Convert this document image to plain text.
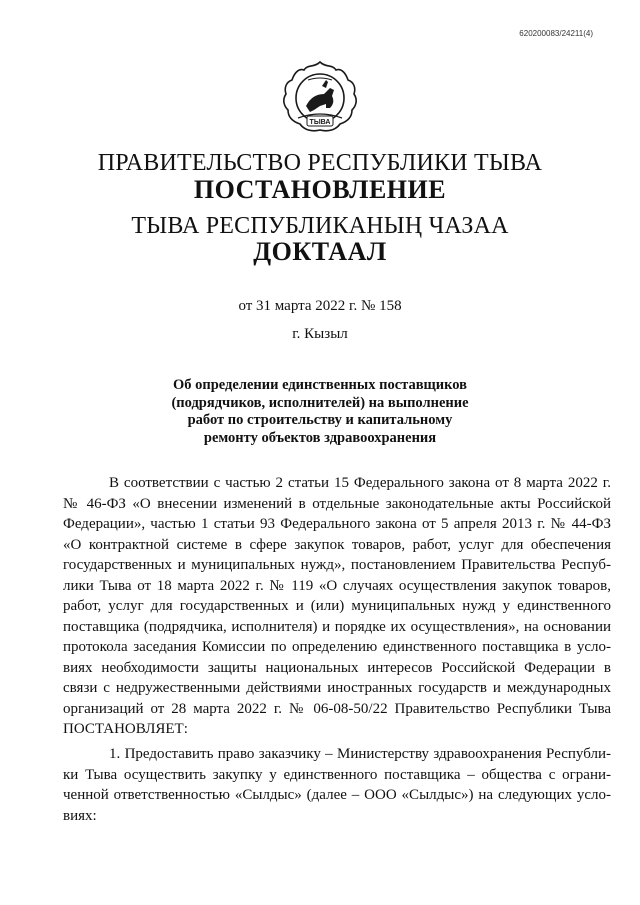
620200083/24211(4)
ТЫВА
ПРАВИТЕЛЬСТВО РЕСПУБЛИКИ ТЫВА
ПОСТАНОВЛЕНИЕ
ТЫВА РЕСПУБЛИКАНЫҢ ЧАЗАА
ДОКТААЛ
от 31 марта 2022 г. № 158
г. Кызыл
Об определении единственных поставщиков
(подрядчиков, исполнителей) на выполнение
работ по строительству и капитальному
ремонту объектов здравоохранения
В соответствии с частью 2 статьи 15 Федерального закона от 8 марта 2022 г.
№ 46-ФЗ «О внесении изменений в отдельные законодательные акты Российской
Федерации», частью 1 статьи 93 Федерального закона от 5 апреля 2013 г. № 44-ФЗ
«О контрактной системе в сфере закупок товаров, работ, услуг для обеспечения
государственных и муниципальных нужд», постановлением Правительства Респуб-
лики Тыва от 18 марта 2022 г. № 119 «О случаях осуществления закупок товаров,
работ, услуг для государственных и (или) муниципальных нужд у единственного
поставщика (подрядчика, исполнителя) и порядке их осуществления», на основании
протокола заседания Комиссии по определению единственного поставщика в усло-
виях необходимости защиты национальных интересов Российской Федерации в
связи с недружественными действиями иностранных государств и международных
организаций от 28 марта 2022 г. № 06-08-50/22 Правительство Республики Тыва
ПОСТАНОВЛЯЕТ:
1. Предоставить право заказчику – Министерству здравоохранения Республи-
ки Тыва осуществить закупку у единственного поставщика – общества с ограни-
ченной ответственностью «Сылдыс» (далее – ООО «Сылдыс») на следующих усло-
виях:
